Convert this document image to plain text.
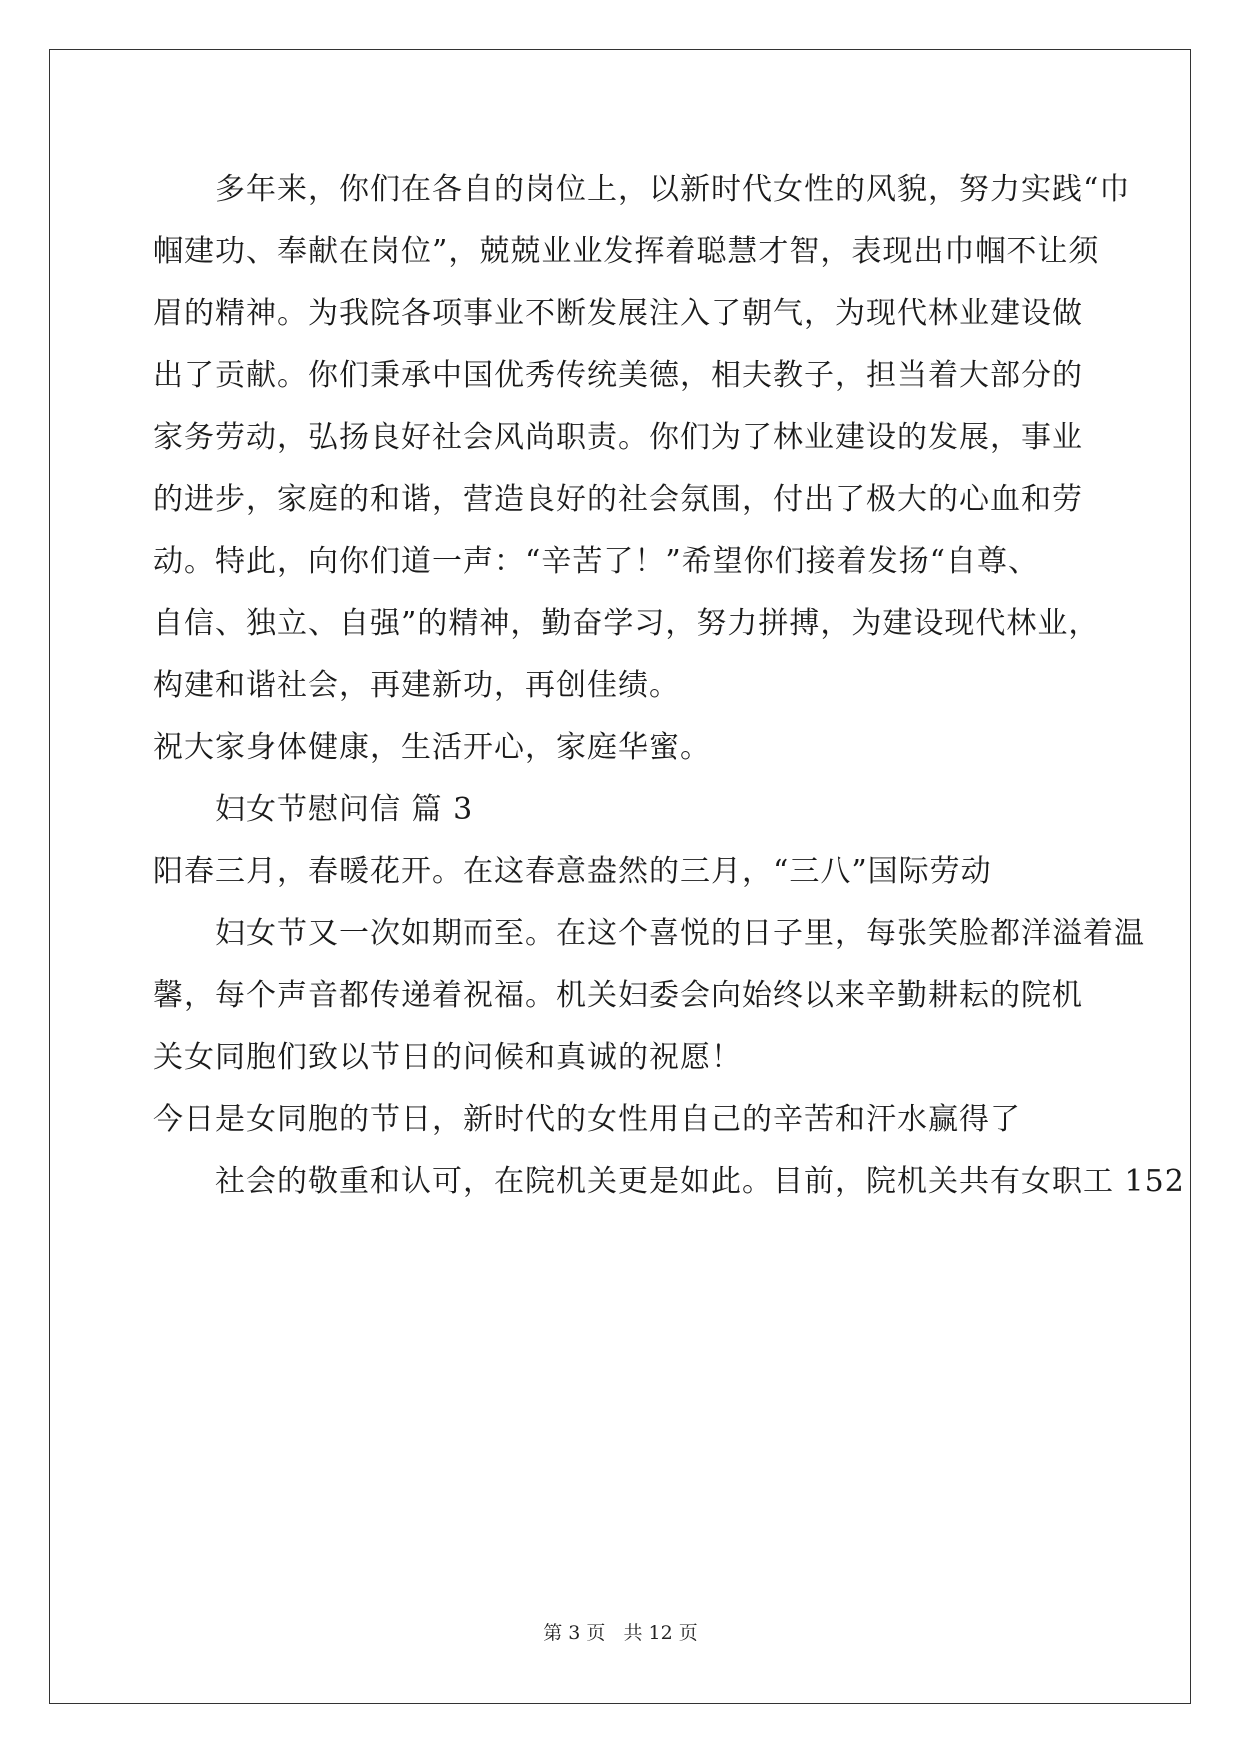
多年来，你们在各自的岗位上，以新时代女性的风貌，努力实践“巾
帼建功、奉献在岗位”，兢兢业业发挥着聪慧才智，表现出巾帼不让须
眉的精神。为我院各项事业不断发展注入了朝气，为现代林业建设做
出了贡献。你们秉承中国优秀传统美德，相夫教子，担当着大部分的
家务劳动，弘扬良好社会风尚职责。你们为了林业建设的发展，事业
的进步，家庭的和谐，营造良好的社会氛围，付出了极大的心血和劳
动。特此，向你们道一声：“辛苦了！”希望你们接着发扬“自尊、
自信、独立、自强”的精神，勤奋学习，努力拼搏，为建设现代林业，
构建和谐社会，再建新功，再创佳绩。
祝大家身体健康，生活开心，家庭华蜜。
妇女节慰问信 篇 3
阳春三月，春暖花开。在这春意盎然的三月，“三八”国际劳动
妇女节又一次如期而至。在这个喜悦的日子里，每张笑脸都洋溢着温
馨，每个声音都传递着祝福。机关妇委会向始终以来辛勤耕耘的院机
关女同胞们致以节日的问候和真诚的祝愿！
今日是女同胞的节日，新时代的女性用自己的辛苦和汗水赢得了
社会的敬重和认可，在院机关更是如此。目前，院机关共有女职工 152
第 3 页 共 12 页
